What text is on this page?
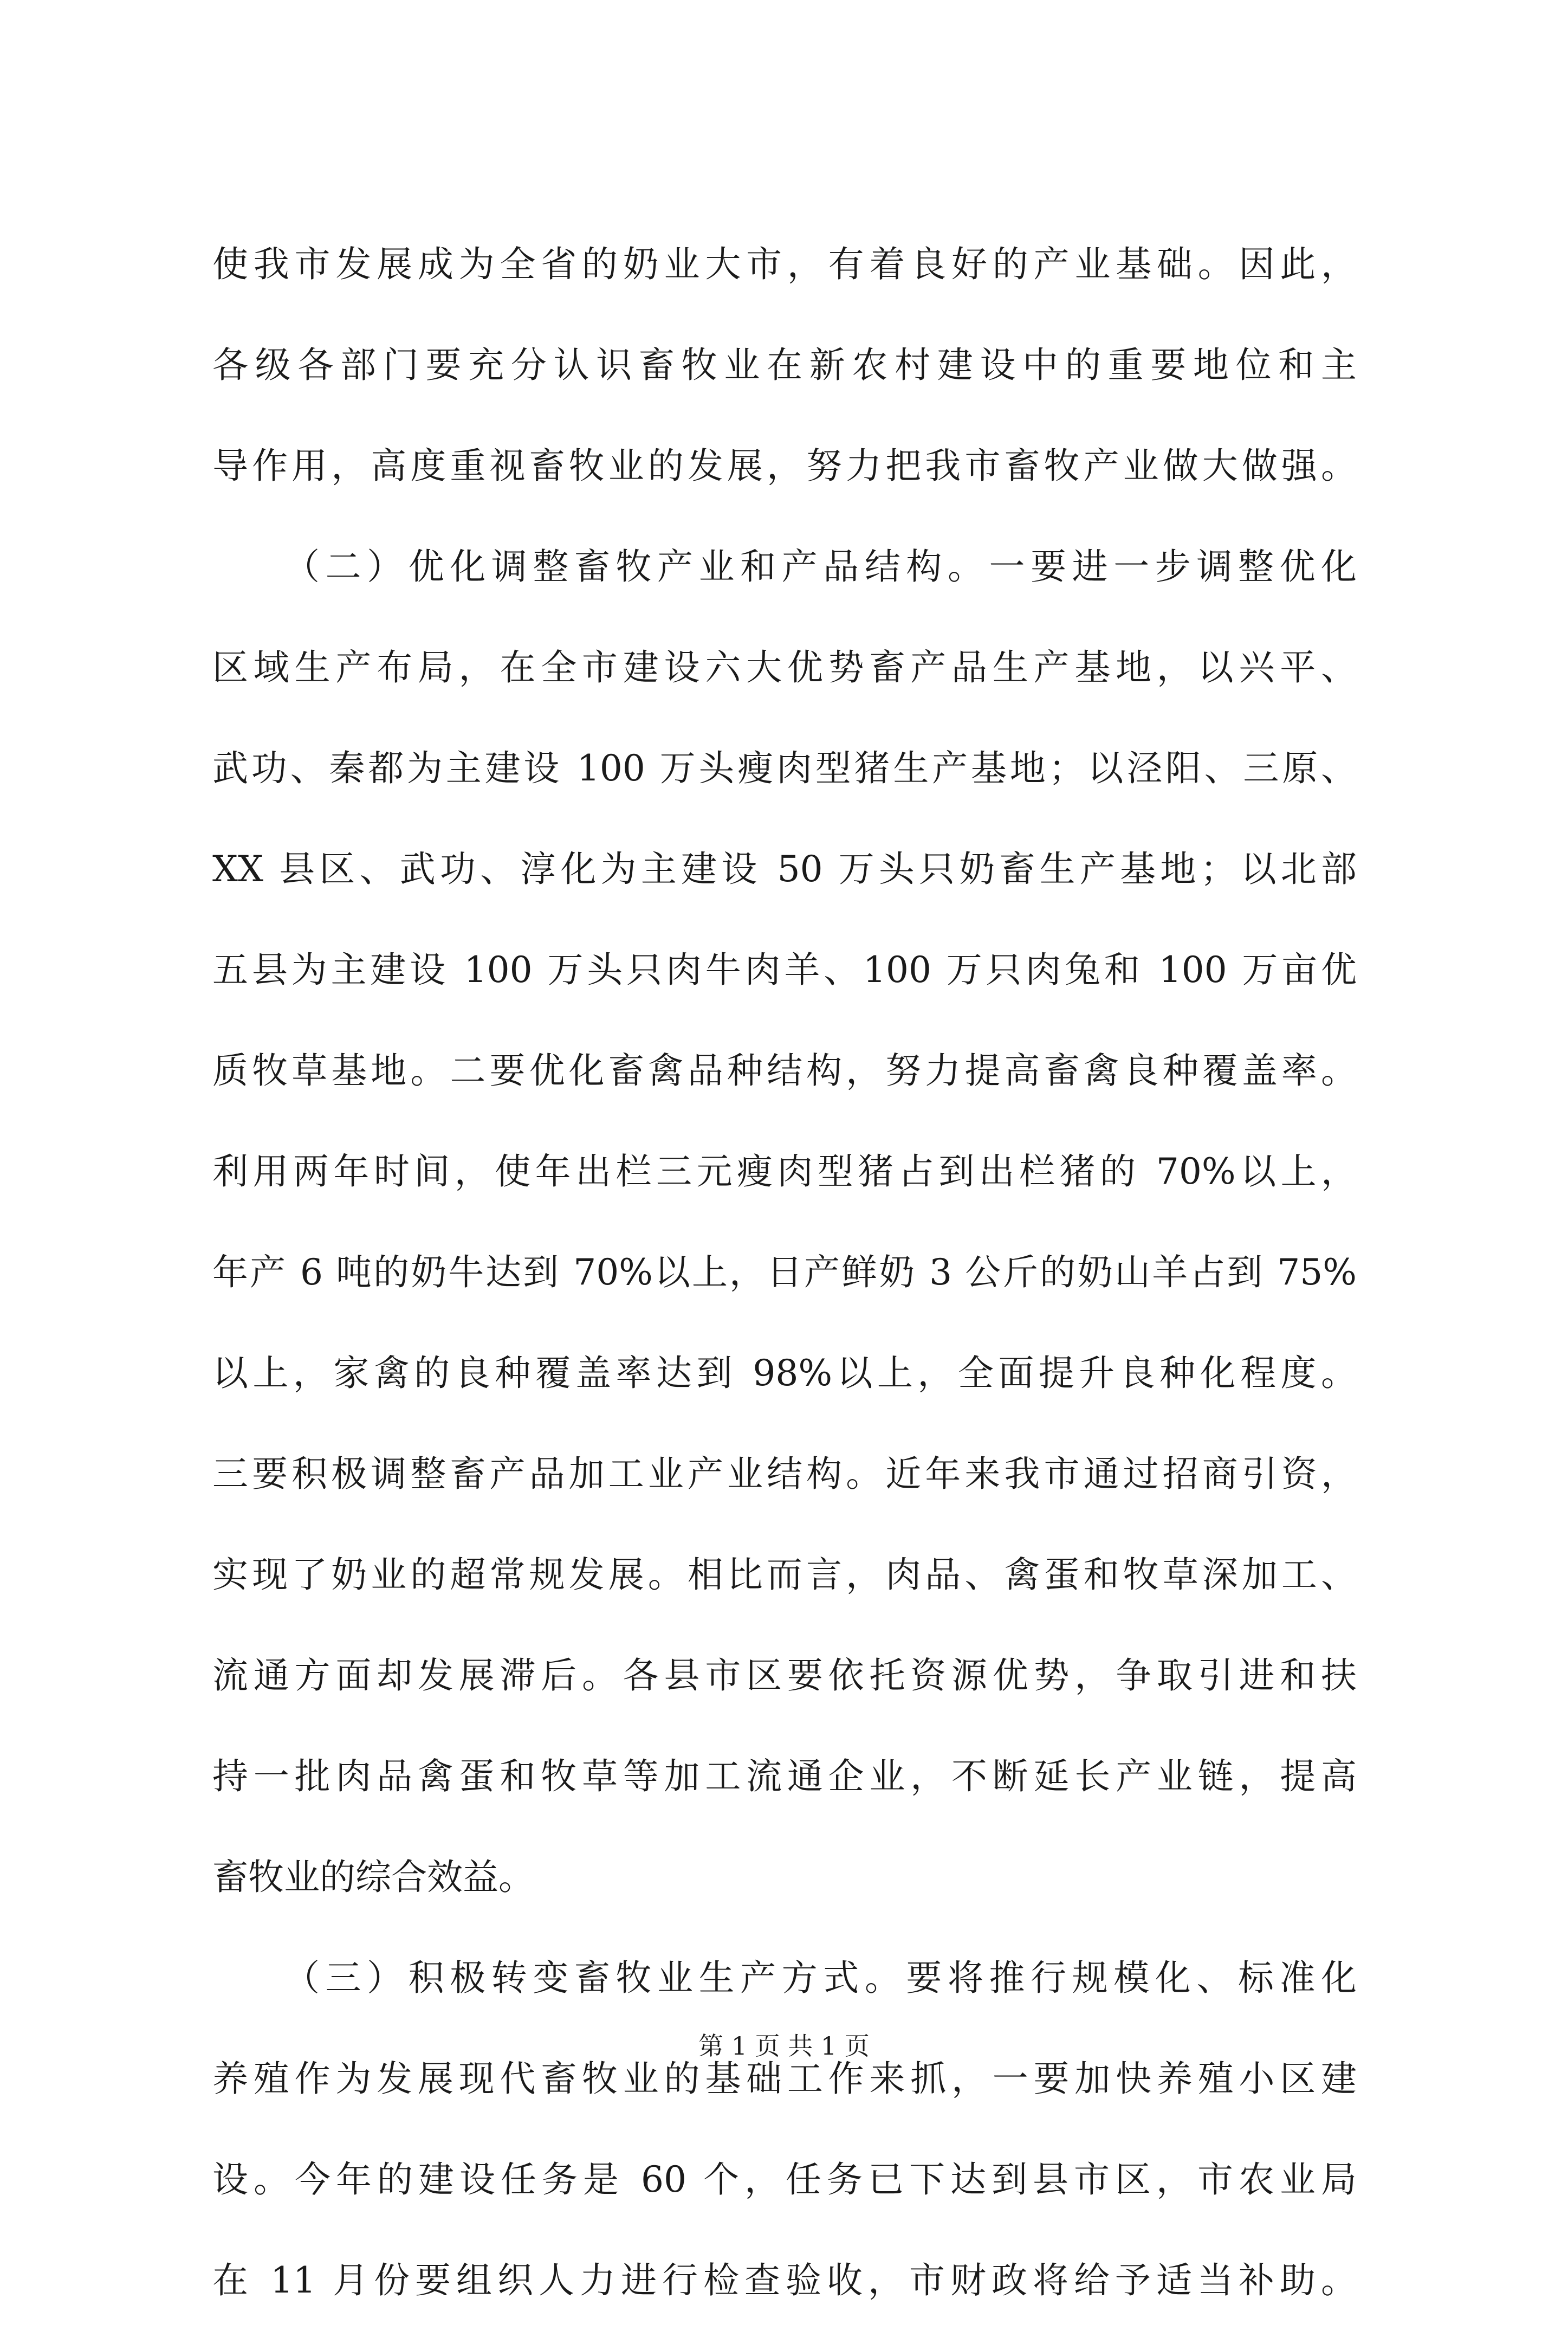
使我市发展成为全省的奶业大市，有着良好的产业基础。因此，
各级各部门要充分认识畜牧业在新农村建设中的重要地位和主
导作用，高度重视畜牧业的发展，努力把我市畜牧产业做大做强。
（二）优化调整畜牧产业和产品结构。一要进一步调整优化
区域生产布局，在全市建设六大优势畜产品生产基地，以兴平、
武功、秦都为主建设 100 万头瘦肉型猪生产基地；以泾阳、三原、
XX 县区、武功、淳化为主建设 50 万头只奶畜生产基地；以北部
五县为主建设 100 万头只肉牛肉羊、100 万只肉兔和 100 万亩优
质牧草基地。二要优化畜禽品种结构，努力提高畜禽良种覆盖率。
利用两年时间，使年出栏三元瘦肉型猪占到出栏猪的 70%以上，
年产 6 吨的奶牛达到 70%以上，日产鲜奶 3 公斤的奶山羊占到 75%
以上，家禽的良种覆盖率达到 98%以上，全面提升良种化程度。
三要积极调整畜产品加工业产业结构。近年来我市通过招商引资，
实现了奶业的超常规发展。相比而言，肉品、禽蛋和牧草深加工、
流通方面却发展滞后。各县市区要依托资源优势，争取引进和扶
持一批肉品禽蛋和牧草等加工流通企业，不断延长产业链，提高
畜牧业的综合效益。
（三）积极转变畜牧业生产方式。要将推行规模化、标准化
养殖作为发展现代畜牧业的基础工作来抓，一要加快养殖小区建
设。今年的建设任务是 60 个，任务已下达到县市区，市农业局
在 11 月份要组织人力进行检查验收，市财政将给予适当补助。
第 1 页 共 1 页
